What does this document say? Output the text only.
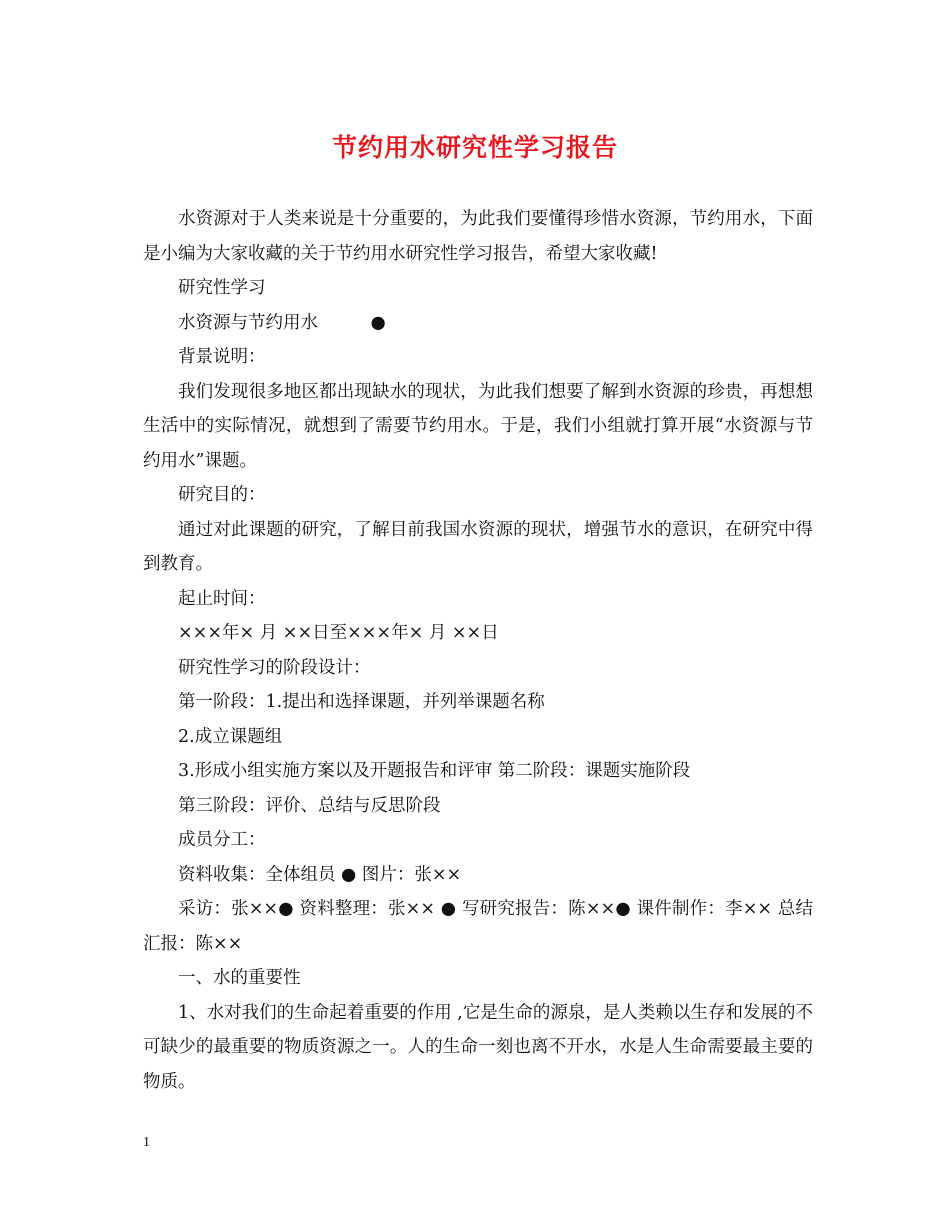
节约用水研究性学习报告

水资源对于人类来说是十分重要的，为此我们要懂得珍惜水资源，节约用水，下面是小编为大家收藏的关于节约用水研究性学习报告，希望大家收藏!

研究性学习

水资源与节约用水　　　●

背景说明：

我们发现很多地区都出现缺水的现状，为此我们想要了解到水资源的珍贵，再想想生活中的实际情况，就想到了需要节约用水。于是，我们小组就打算开展“水资源与节约用水”课题。

研究目的：

通过对此课题的研究，了解目前我国水资源的现状，增强节水的意识，在研究中得到教育。

起止时间：

×××年× 月 ××日至×××年× 月 ××日

研究性学习的阶段设计：

第一阶段：1.提出和选择课题，并列举课题名称

2.成立课题组

3.形成小组实施方案以及开题报告和评审 第二阶段：课题实施阶段

第三阶段：评价、总结与反思阶段

成员分工：

资料收集：全体组员 ● 图片：张××

采访：张××● 资料整理：张×× ● 写研究报告：陈××● 课件制作：李×× 总结汇报：陈××

一、水的重要性

1、水对我们的生命起着重要的作用 ,它是生命的源泉，是人类赖以生存和发展的不可缺少的最重要的物质资源之一。人的生命一刻也离不开水，水是人生命需要最主要的物质。

1
